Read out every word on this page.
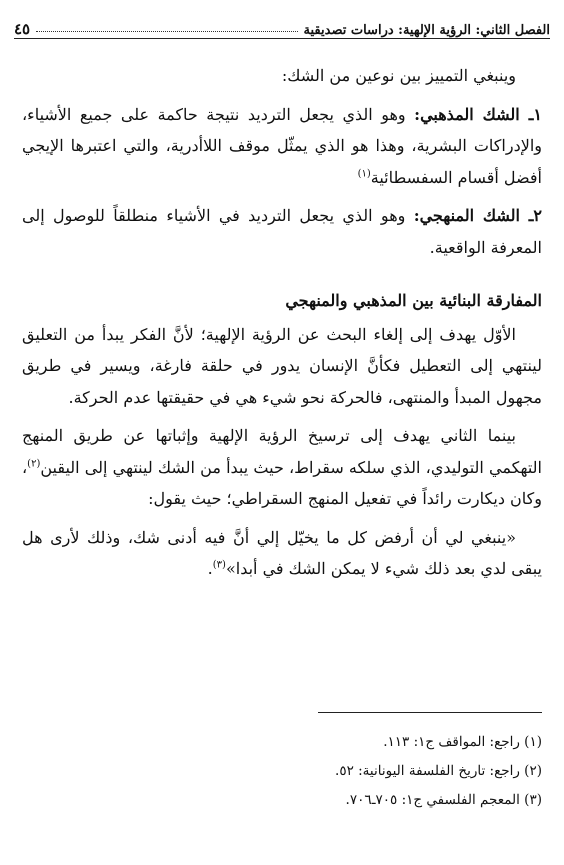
الفصل الثاني: الرؤية الإلهية: دراسات تصديقية
٤٥

وينبغي التمييز بين نوعين من الشك:

١ـ الشك المذهبي: وهو الذي يجعل الترديد نتيجة حاكمة على جميع الأشياء، والإدراكات البشرية، وهذا هو الذي يمثّل موقف اللاأدرية، والتي اعتبرها الإيجي أفضل أقسام السفسطائية$^{(١)}$

٢ـ الشك المنهجي: وهو الذي يجعل الترديد في الأشياء منطلقاً للوصول إلى المعرفة الواقعية.

المفارقة البنائية بين المذهبي والمنهجي

الأوّل يهدف إلى إلغاء البحث عن الرؤية الإلهية؛ لأنَّ الفكر يبدأ من التعليق لينتهي إلى التعطيل فكأنَّ الإنسان يدور في حلقة فارغة، ويسير في طريق مجهول المبدأ والمنتهى، فالحركة نحو شيء هي في حقيقتها عدم الحركة.

بينما الثاني يهدف إلى ترسيخ الرؤية الإلهية وإثباتها عن طريق المنهج التهكمي التوليدي، الذي سلكه سقراط، حيث يبدأ من الشك لينتهي إلى اليقين$^{(٢)}$، وكان ديكارت رائداً في تفعيل المنهج السقراطي؛ حيث يقول:

«ينبغي لي أن أرفض كل ما يخيّل إلي أنَّ فيه أدنى شك، وذلك لأرى هل يبقى لدي بعد ذلك شيء لا يمكن الشك في أبدا»$^{(٣)}$.

(١) راجع: المواقف ج١: ١١٣.

(٢) راجع: تاريخ الفلسفة اليونانية: ٥٢.

(٣) المعجم الفلسفي ج١: ٧٠٥ـ٧٠٦.
